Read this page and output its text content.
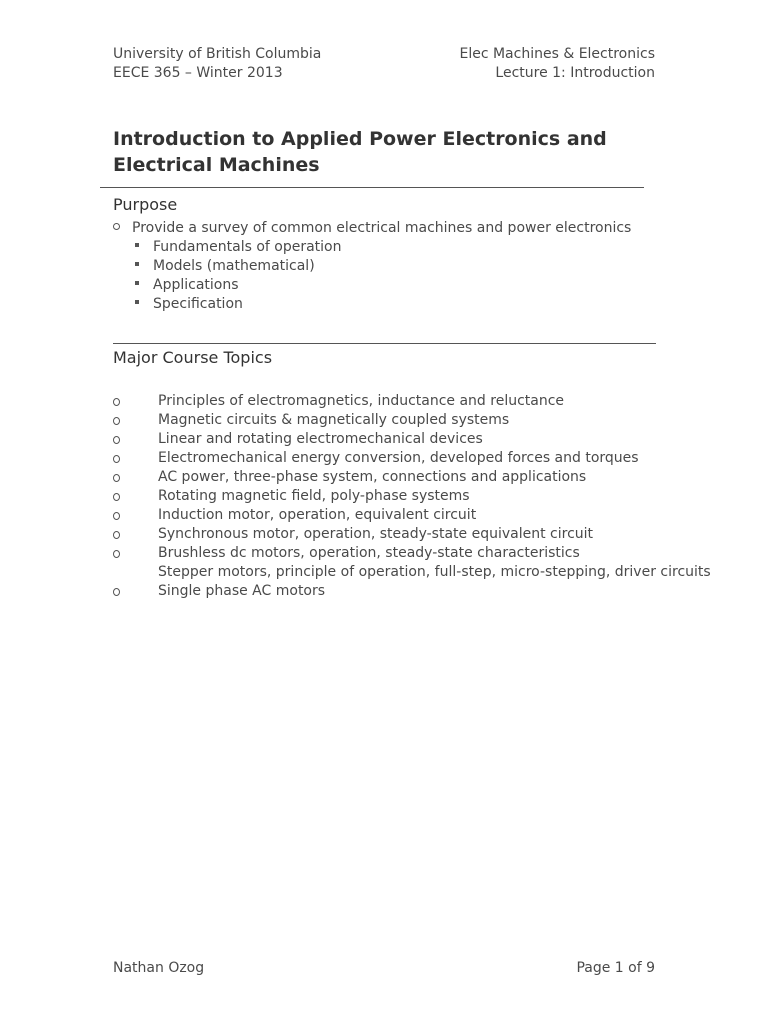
University of British Columbia
EECE 365 – Winter 2013
Elec Machines & Electronics
Lecture 1: Introduction
Introduction to Applied Power Electronics and Electrical Machines
Purpose
Provide a survey of common electrical machines and power electronics
Fundamentals of operation
Models (mathematical)
Applications
Specification
Major Course Topics
Principles of electromagnetics, inductance and reluctance
Magnetic circuits & magnetically coupled systems
Linear and rotating electromechanical devices
Electromechanical energy conversion, developed forces and torques
AC power, three-phase system, connections and applications
Rotating magnetic field, poly-phase systems
Induction motor, operation, equivalent circuit
Synchronous motor, operation, steady-state equivalent circuit
Brushless dc motors, operation, steady-state characteristics
Stepper motors, principle of operation, full-step, micro-stepping, driver circuits
Single phase AC motors
Nathan Ozog	Page 1 of 9
